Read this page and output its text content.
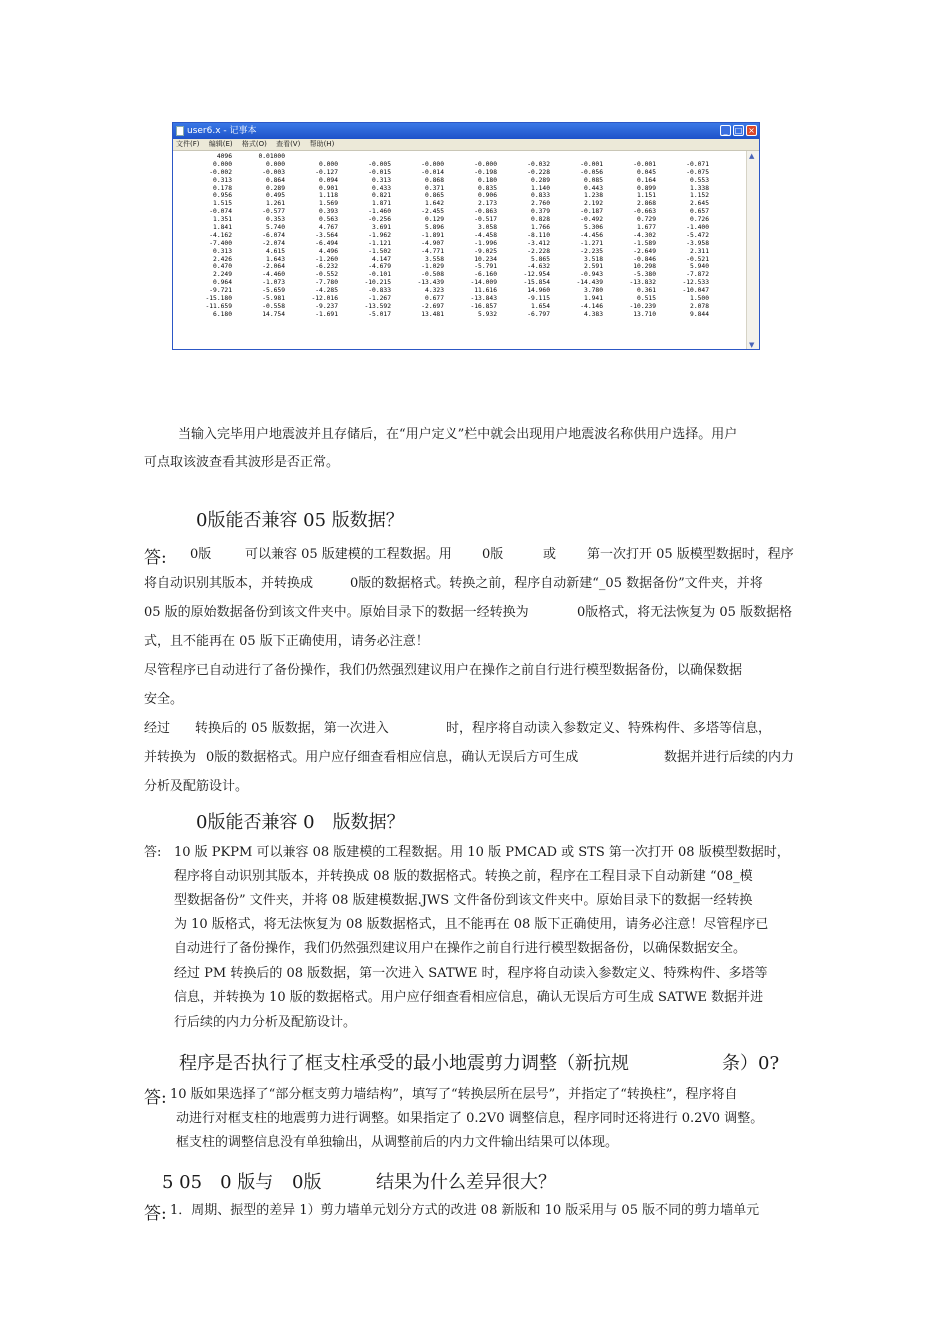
user6.x - 记事本	_ □ ×
文件(F) 编辑(E) 格式(O) 查看(V) 帮助(H)
4096	0.01000
0.000	0.000	0.000	-0.005	-0.000	-0.000	-0.032	-0.001	-0.001	-0.071
-0.002	-0.003	-0.127	-0.015	-0.014	-0.198	-0.228	-0.056	0.045	-0.075
0.313	0.864	0.094	0.313	0.868	0.180	0.289	0.085	0.164	0.553
0.178	0.289	0.901	0.433	0.371	0.835	1.140	0.443	0.899	1.338
0.956	0.495	1.118	0.821	0.865	0.906	0.833	1.238	1.151	1.152
1.515	1.261	1.569	1.871	1.642	2.173	2.760	2.192	2.868	2.645
-0.074	-0.577	0.393	-1.460	-2.455	-0.863	0.379	-0.187	-0.663	0.657
1.351	0.353	0.563	-0.256	0.129	-0.517	0.828	-0.492	0.729	0.726
1.841	5.740	4.767	3.691	5.896	3.058	1.766	5.306	1.677	-1.400
-4.162	-6.074	-3.564	-1.962	-1.891	-4.458	-8.110	-4.456	-4.302	-5.472
-7.400	-2.074	-6.494	-1.121	-4.907	-1.996	-3.412	-1.271	-1.589	-3.958
0.313	4.615	4.496	-1.502	-4.771	-9.025	-2.228	-2.235	-2.649	2.311
2.426	1.643	-1.260	4.147	3.558	10.234	5.865	3.518	-0.846	-0.521
0.470	-2.064	-6.232	-4.679	-1.029	-5.791	-4.632	2.591	10.298	5.940
2.249	-4.460	-0.552	-0.101	-0.508	-6.160	-12.954	-0.943	-5.380	-7.872
0.964	-1.073	-7.780	-10.215	-13.439	-14.009	-15.854	-14.439	-13.832	-12.533
-9.721	-5.659	-4.285	-0.833	4.323	11.616	14.960	3.780	0.361	-10.047
-15.180	-5.981	-12.016	-1.267	0.677	-13.843	-9.115	1.941	0.515	1.500
-11.659	-0.558	-9.237	-13.592	-2.697	-16.857	1.654	-4.146	-10.239	2.078
6.180	14.754	-1.691	-5.017	13.481	5.932	-6.797	4.383	13.710	9.844
▲
▼
当输入完毕用户地震波并且存储后，在“用户定义”栏中就会出现用户地震波名称供用户选择。用户
可点取该波查看其波形是否正常。
0版能否兼容 05 版数据？
答: 0版	可以兼容 05 版建模的工程数据。用 0版	或 第一次打开 05 版模型数据时，程序
将自动识别其版本，并转换成	0版的数据格式。转换之前，程序自动新建“_05 数据备份”文件夹，并将
05 版的原始数据备份到该文件夹中。原始目录下的数据一经转换为	0版格式，将无法恢复为 05 版数据格
式，且不能再在 05 版下正确使用，请务必注意！
尽管程序已自动进行了备份操作，我们仍然强烈建议用户在操作之前自行进行模型数据备份，以确保数据
安全。
经过 转换后的 05 版数据，第一次进入	时，程序将自动读入参数定义、特殊构件、多塔等信息，
并转换为 0版的数据格式。用户应仔细查看相应信息，确认无误后方可生成	数据并进行后续的内力
分析及配筋设计。
0版能否兼容 0　版数据？
答: 10 版 PKPM 可以兼容 08 版建模的工程数据。用 10 版 PMCAD 或 STS 第一次打开 08 版模型数据时，
程序将自动识别其版本，并转换成 08 版的数据格式。转换之前，程序在工程目录下自动新建 “08_模
型数据备份” 文件夹，并将 08 版建模数据.JWS 文件备份到该文件夹中。原始目录下的数据一经转换
为 10 版格式，将无法恢复为 08 版数据格式，且不能再在 08 版下正确使用，请务必注意！尽管程序已
自动进行了备份操作，我们仍然强烈建议用户在操作之前自行进行模型数据备份，以确保数据安全。
经过 PM 转换后的 08 版数据，第一次进入 SATWE 时，程序将自动读入参数定义、特殊构件、多塔等
信息，并转换为 10 版的数据格式。用户应仔细查看相应信息，确认无误后方可生成 SATWE 数据并进
行后续的内力分析及配筋设计。
程序是否执行了框支柱承受的最小地震剪力调整（新抗规	条）0?
答: 10 版如果选择了“部分框支剪力墙结构”，填写了“转换层所在层号”，并指定了“转换柱”，程序将自
动进行对框支柱的地震剪力进行调整。如果指定了 0.2V0 调整信息，程序同时还将进行 0.2V0 调整。
框支柱的调整信息没有单独输出，从调整前后的内力文件输出结果可以体现。
5 05　0 版与 0版	结果为什么差异很大？
答: 1．周期、振型的差异 1）剪力墙单元划分方式的改进 08 新版和 10 版采用与 05 版不同的剪力墙单元
